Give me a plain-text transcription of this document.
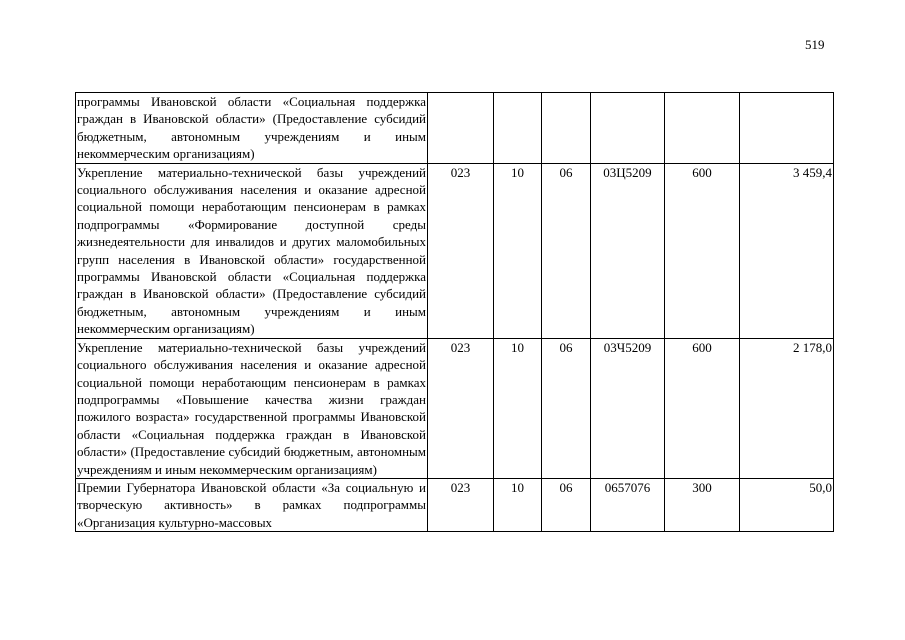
519
программы Ивановской области «Социальная поддержка граждан в Ивановской области» (Предоставление субсидий бюджетным, автономным учреждениям и иным некоммерческим организациям)						
Укрепление материально-технической базы учреждений социального обслуживания населения и оказание адресной социальной помощи неработающим пенсионерам в рамках подпрограммы «Формирование доступной среды жизнедеятельности для инвалидов и других маломобильных групп населения в Ивановской области» государственной программы Ивановской области «Социальная поддержка граждан в Ивановской области» (Предоставление субсидий бюджетным, автономным учреждениям и иным некоммерческим организациям)	023	10	06	03Ц5209	600	3 459,4
Укрепление материально-технической базы учреждений социального обслуживания населения и оказание адресной социальной помощи неработающим пенсионерам в рамках подпрограммы «Повышение качества жизни граждан пожилого возраста» государственной программы Ивановской области «Социальная поддержка граждан в Ивановской области» (Предоставление субсидий бюджетным, автономным учреждениям и иным некоммерческим организациям)	023	10	06	03Ч5209	600	2 178,0
Премии Губернатора Ивановской области «За социальную и творческую активность» в рамках подпрограммы «Организация культурно-массовых	023	10	06	0657076	300	50,0
